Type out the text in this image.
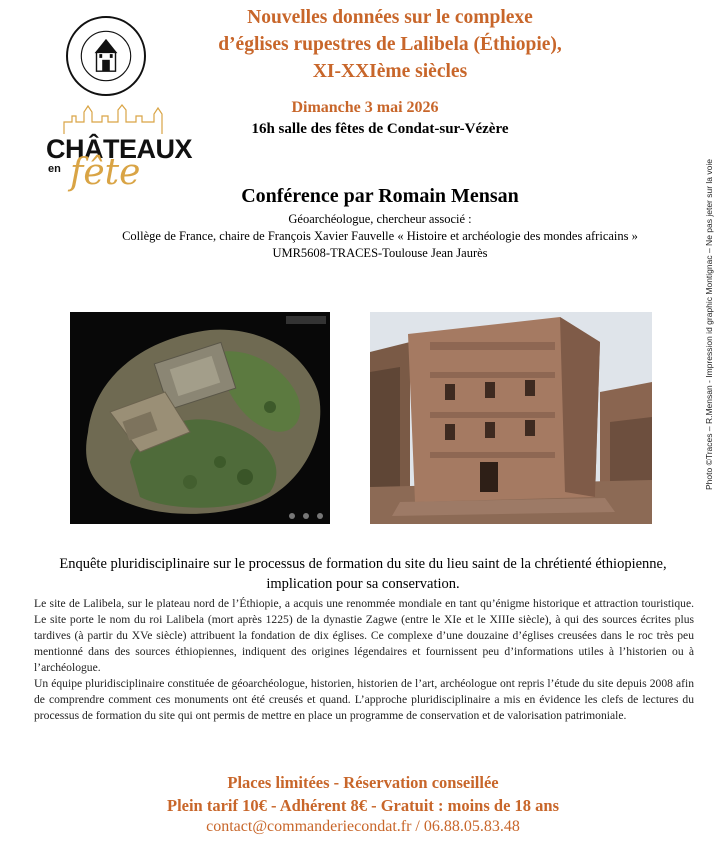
Nouvelles données sur le complexe
d’églises rupestres de Lalibela (Éthiopie),
XI-XXIème siècles
Dimanche 3 mai 2026
16h salle des fêtes de Condat-sur-Vézère
CHÂTEAUX
en fête
Conférence par Romain Mensan
Géoarchéologue, chercheur associé :
Collège de France, chaire de François Xavier Fauvelle « Histoire et archéologie des mondes africains »
UMR5608-TRACES-Toulouse Jean Jaurès	Photo ©Traces – R.Mensan - Impression id graphic Montignac – Ne pas jeter sur la voie
Enquête pluridisciplinaire sur le processus de formation du site du lieu saint de la chrétienté éthiopienne, implication pour sa conservation.

Le site de Lalibela, sur le plateau nord de l’Éthiopie, a acquis une renommée mondiale en tant qu’énigme historique et attraction touristique. Le site porte le nom du roi Lalibela (mort après 1225) de la dynastie Zagwe (entre le XIe et le XIIIe siècle), à qui des sources écrites plus tardives (à partir du XVe siècle) attribuent la fondation de dix églises. Ce complexe d’une douzaine d’églises creusées dans le roc très peu mentionné dans des sources éthiopiennes, indiquent des origines légendaires et fournissent peu d’informations utiles à l’historien ou à l’archéologue.

Un équipe pluridisciplinaire constituée de géoarchéologue, historien, historien de l’art, archéologue ont repris l’étude du site depuis 2008 afin de comprendre comment ces monuments ont été creusés et quand. L’approche pluridisciplinaire a mis en évidence les clefs de lectures du processus de formation du site qui ont permis de mettre en place un programme de conservation et de valorisation patrimoniale.

Places limitées - Réservation conseillée
Plein tarif 10€ - Adhérent 8€ - Gratuit : moins de 18 ans
contact@commanderiecondat.fr / 06.88.05.83.48
